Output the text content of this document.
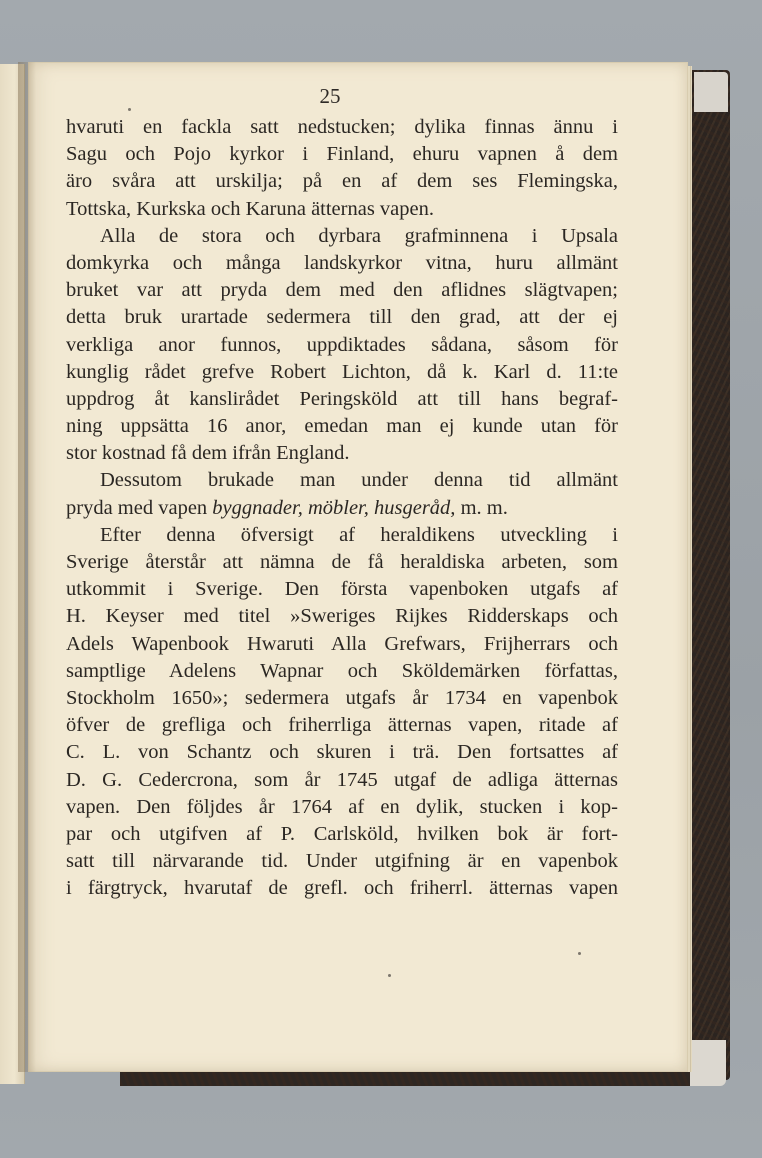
25
hvaruti en fackla satt nedstucken; dylika finnas ännu i
Sagu och Pojo kyrkor i Finland, ehuru vapnen å dem
äro svåra att urskilja; på en af dem ses Flemingska,
Tottska, Kurkska och Karuna ätternas vapen.
Alla de stora och dyrbara grafminnena i Upsala
domkyrka och många landskyrkor vitna, huru allmänt
bruket var att pryda dem med den aflidnes slägtvapen;
detta bruk urartade sedermera till den grad, att der ej
verkliga anor funnos, uppdiktades sådana, såsom för
kunglig rådet grefve Robert Lichton, då k. Karl d. 11:te
uppdrog åt kanslirådet Peringsköld att till hans begraf-
ning uppsätta 16 anor, emedan man ej kunde utan för
stor kostnad få dem ifrån England.
Dessutom brukade man under denna tid allmänt
pryda med vapen byggnader, möbler, husgeråd, m. m.
Efter denna öfversigt af heraldikens utveckling i
Sverige återstår att nämna de få heraldiska arbeten, som
utkommit i Sverige. Den första vapenboken utgafs af
H. Keyser med titel »Sweriges Rijkes Ridderskaps och
Adels Wapenbook Hwaruti Alla Grefwars, Frijherrars och
samptlige Adelens Wapnar och Sköldemärken författas,
Stockholm 1650»; sedermera utgafs år 1734 en vapenbok
öfver de grefliga och friherrliga ätternas vapen, ritade af
C. L. von Schantz och skuren i trä. Den fortsattes af
D. G. Cedercrona, som år 1745 utgaf de adliga ätternas
vapen. Den följdes år 1764 af en dylik, stucken i kop-
par och utgifven af P. Carlsköld, hvilken bok är fort-
satt till närvarande tid. Under utgifning är en vapenbok
i färgtryck, hvarutaf de grefl. och friherrl. ätternas vapen
